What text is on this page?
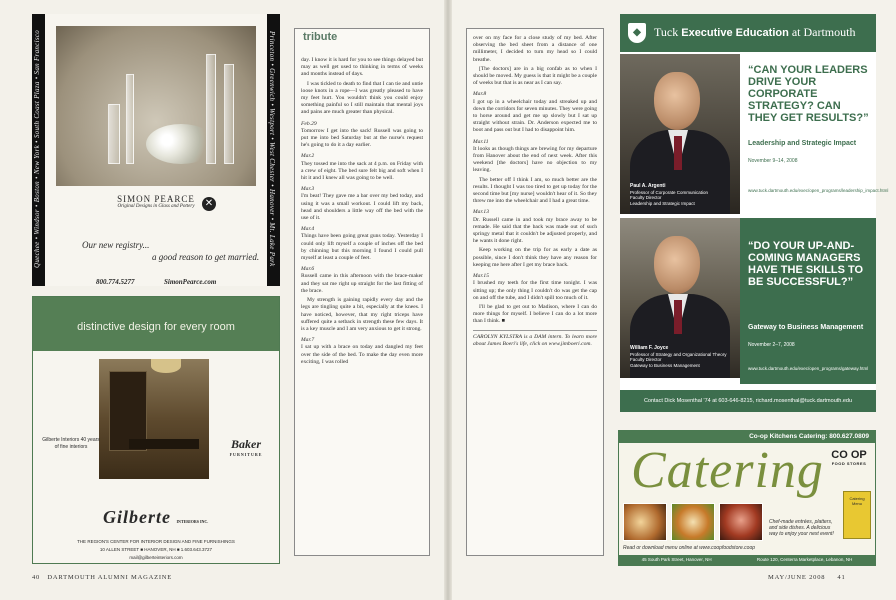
Quechee • Windsor • Boston • New York • South Coast Plaza • San Francisco	SIMON PEARCE
Original Designs in Glass and Pottery	✕
Our new registry...
a good reason to get married.
800.774.5277	SimonPearce.com
Princeton • Greenwich • Westport • West Chester • Hanover • Mt. Lake Park
distinctive design for every room
Gilberte Interiors 40 years of fine interiors	Baker
FURNITURE
Gilberte INTERIORS INC.
THE REGION'S CENTER FOR INTERIOR DESIGN AND FINE FURNISHINGS
10 ALLEN STREET ■ HANOVER, NH ■ 1.603.643.3727
mail@gilberteinteriors.com
tribute

day. I know it is hard for you to see things delayed but may as well get used to thinking in terms of weeks and months instead of days.

I was tickled to death to find that I can tie and untie loose knots in a rope—I was greatly pleased to have my feet hurt. You wouldn't think you could enjoy something painful so I still maintain that mental joys and pains are much greater than physical.

Feb.29

Tomorrow I get into the sack! Russell was going to put me into bed Saturday but at the nurse's request he's going to do it a day earlier.

Mar.2

They tossed me into the sack at 4 p.m. on Friday with a crew of eight. The bed sure felt big and soft when I hit it and I knew all was going to be well.

Mar.3

I'm beat! They gave me a bar over my bed today, and using it was a small workout. I could lift my back, head and shoulders a little way off the bed with the use of it.

Mar.4

Things have been going great guns today. Yesterday I could only lift myself a couple of inches off the bed by chinning but this morning I found I could pull myself at least a couple of feet.

Mar.6

Russell came in this afternoon with the brace-maker and they sat me right up straight for the last fitting of the brace.

My strength is gaining rapidly every day and the legs are tingling quite a bit, especially at the knees. I have noticed, however, that my right triceps have suffered quite a setback in strength these few days. It is a key muscle and I am very anxious to get it strong.

Mar.7

I sat up with a brace on today and dangled my feet over the side of the bed. To make the day even more exciting, I was rolled

40 DARTMOUTH ALUMNI MAGAZINE

over on my face for a close study of my bed. After observing the bed sheet from a distance of one millimeter, I decided to turn my head so I could breathe.

[The doctors] are in a big confab as to when I should be moved. My guess is that it might be a couple of weeks but that is as near as I can say.

Mar.8

I got up in a wheelchair today and streaked up and down the corridors for seven minutes. They were going to horse around and get me up slowly but I sat up straight without strain. Dr. Anderson expected me to boot and pass out but I had to disappoint him.

Mar.11

It looks as though things are brewing for my departure from Hanover about the end of next week. After this weekend [the doctors] have no objection to my leaving.

The better off I think I am, so much better are the results. I thought I was too tired to get up today for the second time but [my nurse] wouldn't hear of it. So they threw me into the wheelchair and I had a great time.

Mar.13

Dr. Russell came in and took my brace away to be remade. He said that the back was made out of such springy metal that it couldn't be adjusted properly, and he wants it done right.

Keep working on the trip for as early a date as possible, since I don't think they have any reason for keeping me here after I get my brace back.

Mar.15

I brushed my teeth for the first time tonight. I was sitting up; the only thing I couldn't do was get the cap on and off the tube, and I didn't spill too much of it.

I'll be glad to get out to Madison, where I can do more things for myself. I believe I can do a lot more than I think. ■

CAROLYN KYLSTRA is a DAM intern. To learn more about James Boeri's life, click on www.jimboeri.com.

MAY/JUNE 2008 41
◆	Tuck Executive Education at Dartmouth
Paul A. Argenti
Professor of Corporate Communication
Faculty Director
Leadership and Strategic Impact
“CAN YOUR LEADERS DRIVE YOUR CORPORATE STRATEGY? CAN THEY GET RESULTS?”
Leadership and Strategic Impact
November 9–14, 2008
www.tuck.dartmouth.edu/exec/open_programs/leadership_impact.html
William F. Joyce
Professor of Strategy and Organizational Theory
Faculty Director
Gateway to Business Management
“DO YOUR UP-AND-COMING MANAGERS HAVE THE SKILLS TO BE SUCCESSFUL?”
Gateway to Business Management
November 2–7, 2008
www.tuck.dartmouth.edu/exec/open_programs/gateway.html
Contact Dick Mosenthal '74 at 603-646-8215, richard.mosenthal@tuck.dartmouth.edu
Co-op Kitchens Catering: 800.627.0809
Catering CO OP
FOOD STORES
Chef-made entrées, platters, and side dishes. A delicious way to enjoy your next event!
Catering Menu
Read or download menu online at www.coopfoodstore.coop
45 South Park Street, Hanover, NH	Route 120, Centerra Marketplace, Lebanon, NH
